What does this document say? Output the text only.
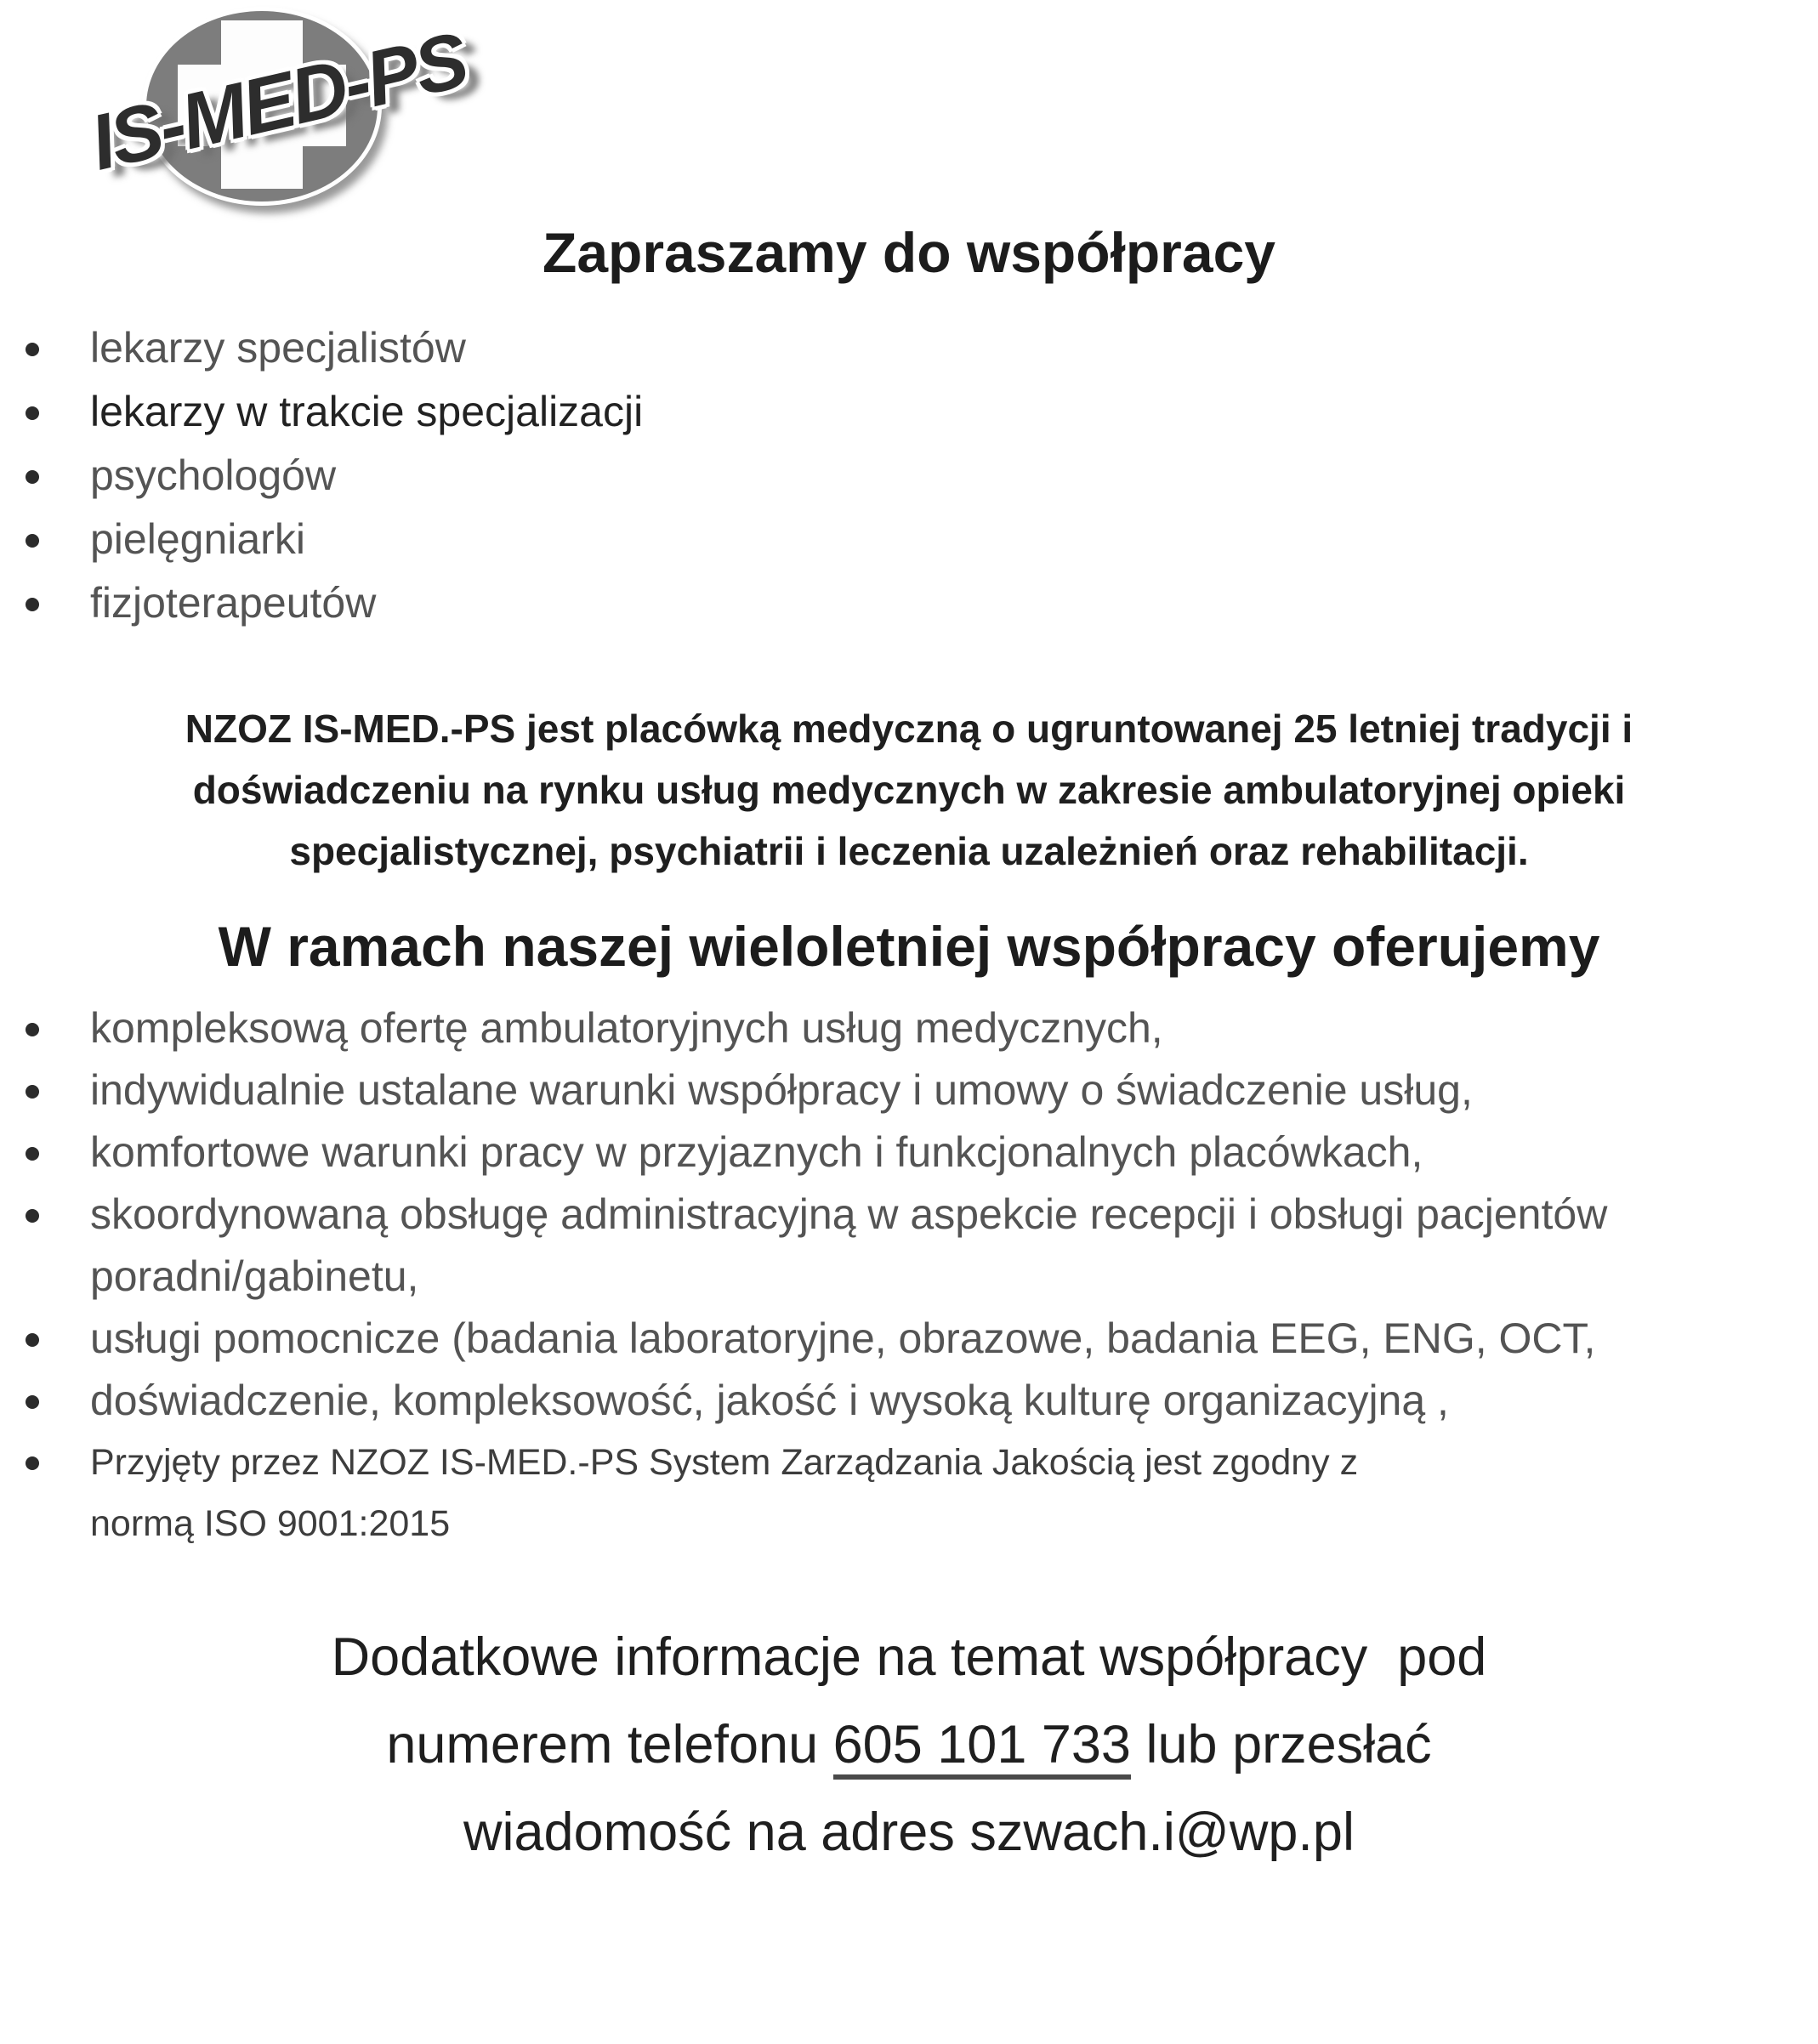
IS-MED-PS
Zapraszamy do współpracy
lekarzy specjalistów
lekarzy w trakcie specjalizacji
psychologów
pielęgniarki
fizjoterapeutów

NZOZ IS-MED.-PS jest placówką medyczną o ugruntowanej 25 letniej tradycji i doświadczeniu na rynku usług medycznych w zakresie ambulatoryjnej opieki specjalistycznej, psychiatrii i leczenia uzależnień oraz rehabilitacji.

W ramach naszej wieloletniej współpracy oferujemy
kompleksową ofertę ambulatoryjnych usług medycznych,
indywidualnie ustalane warunki współpracy i umowy o świadczenie usług,
komfortowe warunki pracy w przyjaznych i funkcjonalnych placówkach,
skoordynowaną obsługę administracyjną w aspekcie recepcji i obsługi pacjentów poradni/gabinetu,
usługi pomocnicze (badania laboratoryjne, obrazowe, badania EEG, ENG, OCT,
doświadczenie, kompleksowość, jakość i wysoką kulturę organizacyjną ,
Przyjęty przez NZOZ IS-MED.-PS System Zarządzania Jakością jest zgodny z normą ISO 9001:2015
Dodatkowe informacje na temat współpracy  pod
numerem telefonu 605 101 733 lub przesłać
wiadomość na adres szwach.i@wp.pl
